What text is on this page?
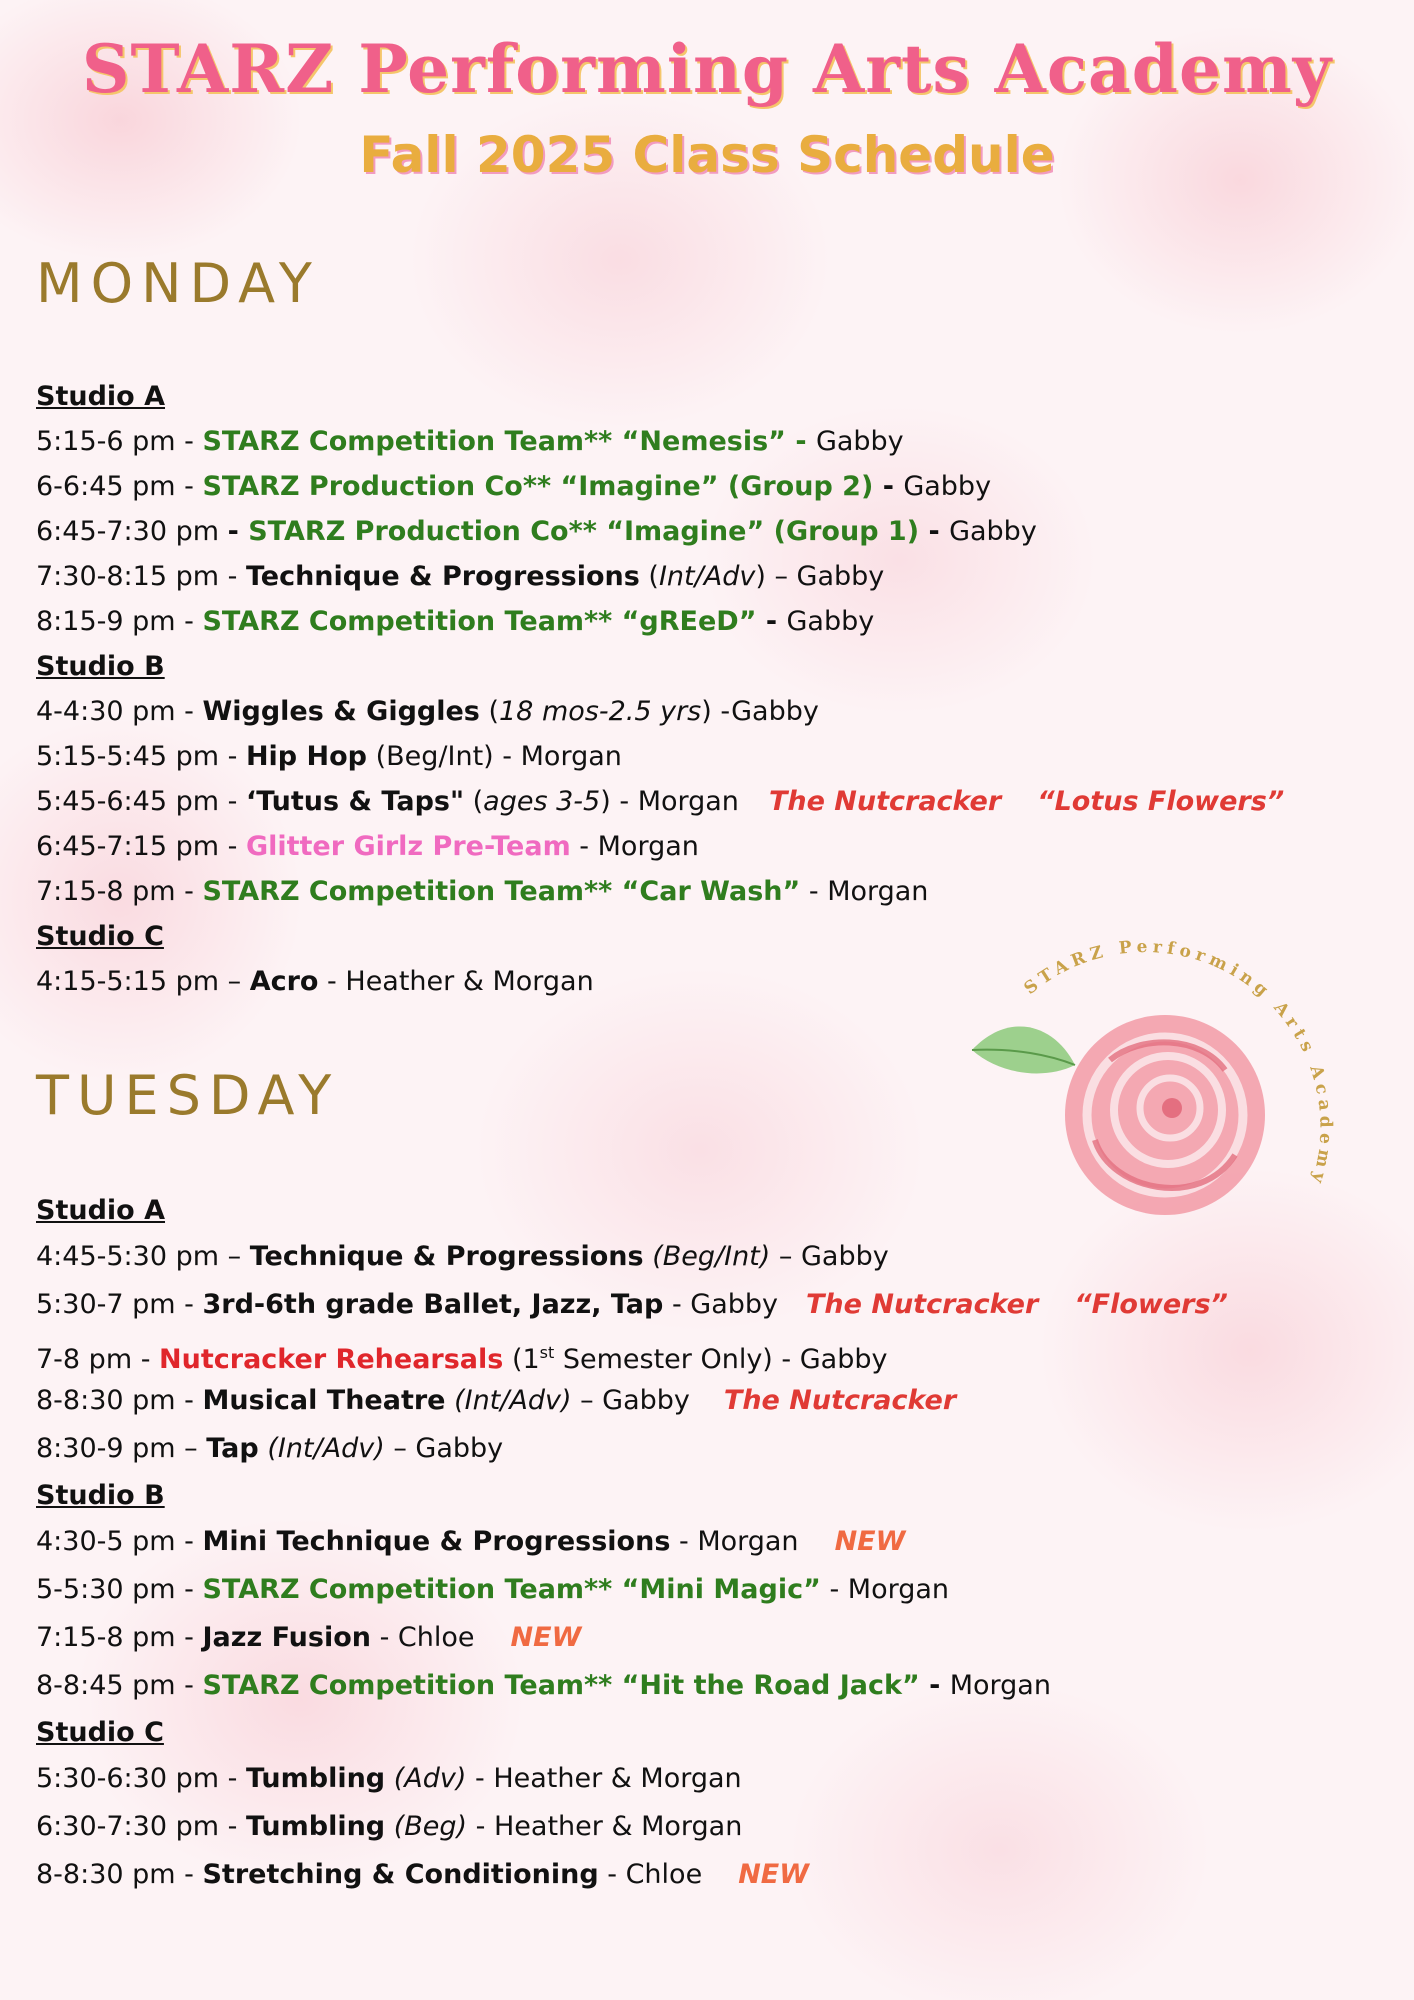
STARZ Performing Arts Academy
Fall 2025 Class Schedule
MONDAY
Studio A
5:15-6 pm - STARZ Competition Team** “Nemesis” - Gabby
6-6:45 pm - STARZ Production Co** “Imagine” (Group 2) - Gabby
6:45-7:30 pm - STARZ Production Co** “Imagine” (Group 1) - Gabby
7:30-8:15 pm - Technique & Progressions (Int/Adv) – Gabby
8:15-9 pm - STARZ Competition Team** “gREeD” - Gabby
Studio B
4-4:30 pm - Wiggles & Giggles (18 mos-2.5 yrs) -Gabby
5:15-5:45 pm - Hip Hop (Beg/Int) - Morgan
5:45-6:45 pm - ‘Tutus & Taps" (ages 3-5) - Morgan The Nutcracker “Lotus Flowers”
6:45-7:15 pm - Glitter Girlz Pre-Team - Morgan
7:15-8 pm - STARZ Competition Team** “Car Wash” - Morgan
Studio C
4:15-5:15 pm – Acro - Heather & Morgan
TUESDAY
Studio A
4:45-5:30 pm – Technique & Progressions (Beg/Int) – Gabby
5:30-7 pm - 3rd-6th grade Ballet, Jazz, Tap - Gabby The Nutcracker “Flowers”
7-8 pm - Nutcracker Rehearsals (1st Semester Only) - Gabby
8-8:30 pm - Musical Theatre (Int/Adv) – Gabby The Nutcracker
8:30-9 pm – Tap (Int/Adv) – Gabby
Studio B
4:30-5 pm - Mini Technique & Progressions - Morgan NEW
5-5:30 pm - STARZ Competition Team** “Mini Magic” - Morgan
7:15-8 pm - Jazz Fusion - Chloe NEW
8-8:45 pm - STARZ Competition Team** “Hit the Road Jack” - Morgan
Studio C
5:30-6:30 pm - Tumbling (Adv) - Heather & Morgan
6:30-7:30 pm - Tumbling (Beg) - Heather & Morgan
8-8:30 pm - Stretching & Conditioning - Chloe NEW
STARZ Performing Arts Academy
